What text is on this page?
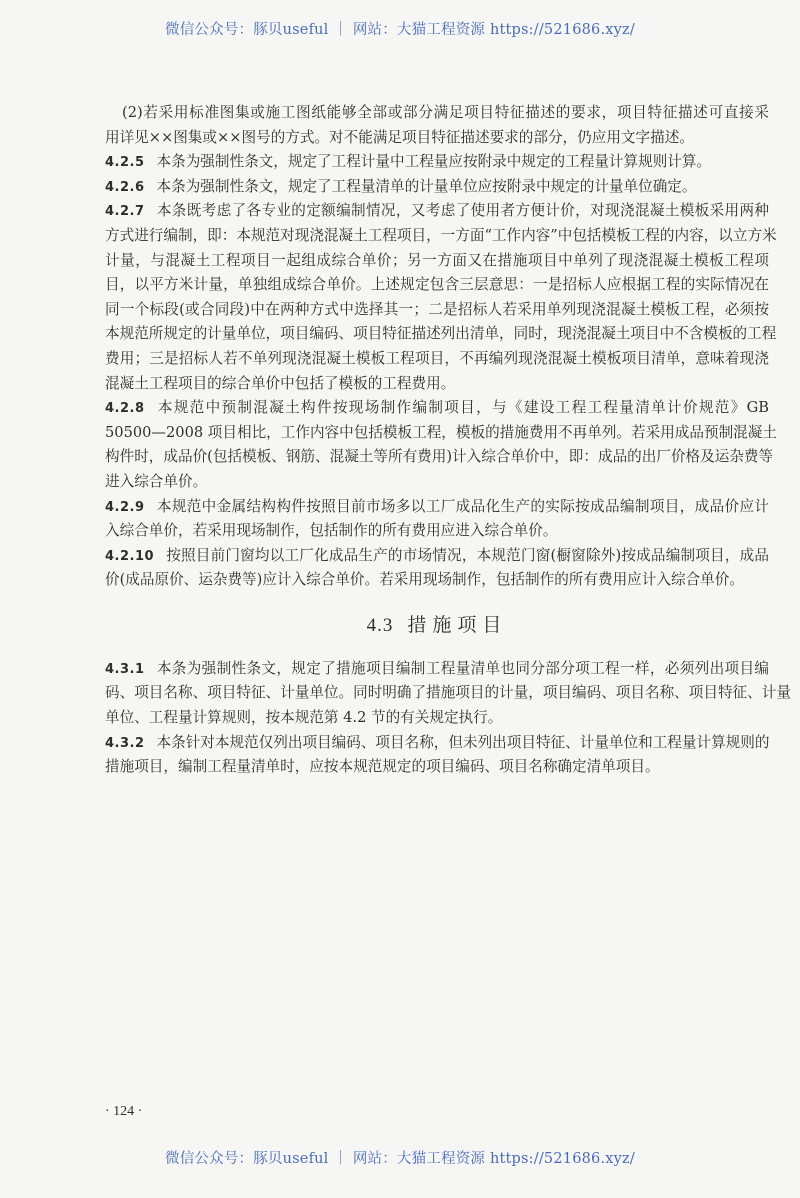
微信公众号：豚贝useful ｜ 网站：大猫工程资源 https://521686.xyz/
(2)若采用标准图集或施工图纸能够全部或部分满足项目特征描述的要求，项目特征描述可直接采
用详见××图集或××图号的方式。对不能满足项目特征描述要求的部分，仍应用文字描述。
4.2.5 本条为强制性条文，规定了工程计量中工程量应按附录中规定的工程量计算规则计算。
4.2.6 本条为强制性条文，规定了工程量清单的计量单位应按附录中规定的计量单位确定。
4.2.7 本条既考虑了各专业的定额编制情况，又考虑了使用者方便计价，对现浇混凝土模板采用两种
方式进行编制，即：本规范对现浇混凝土工程项目，一方面“工作内容”中包括模板工程的内容，以立方米
计量，与混凝土工程项目一起组成综合单价；另一方面又在措施项目中单列了现浇混凝土模板工程项
目，以平方米计量，单独组成综合单价。上述规定包含三层意思：一是招标人应根据工程的实际情况在
同一个标段(或合同段)中在两种方式中选择其一；二是招标人若采用单列现浇混凝土模板工程，必须按
本规范所规定的计量单位，项目编码、项目特征描述列出清单，同时，现浇混凝土项目中不含模板的工程
费用；三是招标人若不单列现浇混凝土模板工程项目，不再编列现浇混凝土模板项目清单，意味着现浇
混凝土工程项目的综合单价中包括了模板的工程费用。
4.2.8 本规范中预制混凝土构件按现场制作编制项目，与《建设工程工程量清单计价规范》GB
50500—2008 项目相比，工作内容中包括模板工程，模板的措施费用不再单列。若采用成品预制混凝土
构件时，成品价(包括模板、钢筋、混凝土等所有费用)计入综合单价中，即：成品的出厂价格及运杂费等
进入综合单价。
4.2.9 本规范中金属结构构件按照目前市场多以工厂成品化生产的实际按成品编制项目，成品价应计
入综合单价，若采用现场制作，包括制作的所有费用应进入综合单价。
4.2.10 按照目前门窗均以工厂化成品生产的市场情况，本规范门窗(橱窗除外)按成品编制项目，成品
价(成品原价、运杂费等)应计入综合单价。若采用现场制作，包括制作的所有费用应计入综合单价。
4.3 措施项目
4.3.1 本条为强制性条文，规定了措施项目编制工程量清单也同分部分项工程一样，必须列出项目编
码、项目名称、项目特征、计量单位。同时明确了措施项目的计量，项目编码、项目名称、项目特征、计量
单位、工程量计算规则，按本规范第 4.2 节的有关规定执行。
4.3.2 本条针对本规范仅列出项目编码、项目名称，但未列出项目特征、计量单位和工程量计算规则的
措施项目，编制工程量清单时，应按本规范规定的项目编码、项目名称确定清单项目。
· 124 ·
微信公众号：豚贝useful ｜ 网站：大猫工程资源 https://521686.xyz/
